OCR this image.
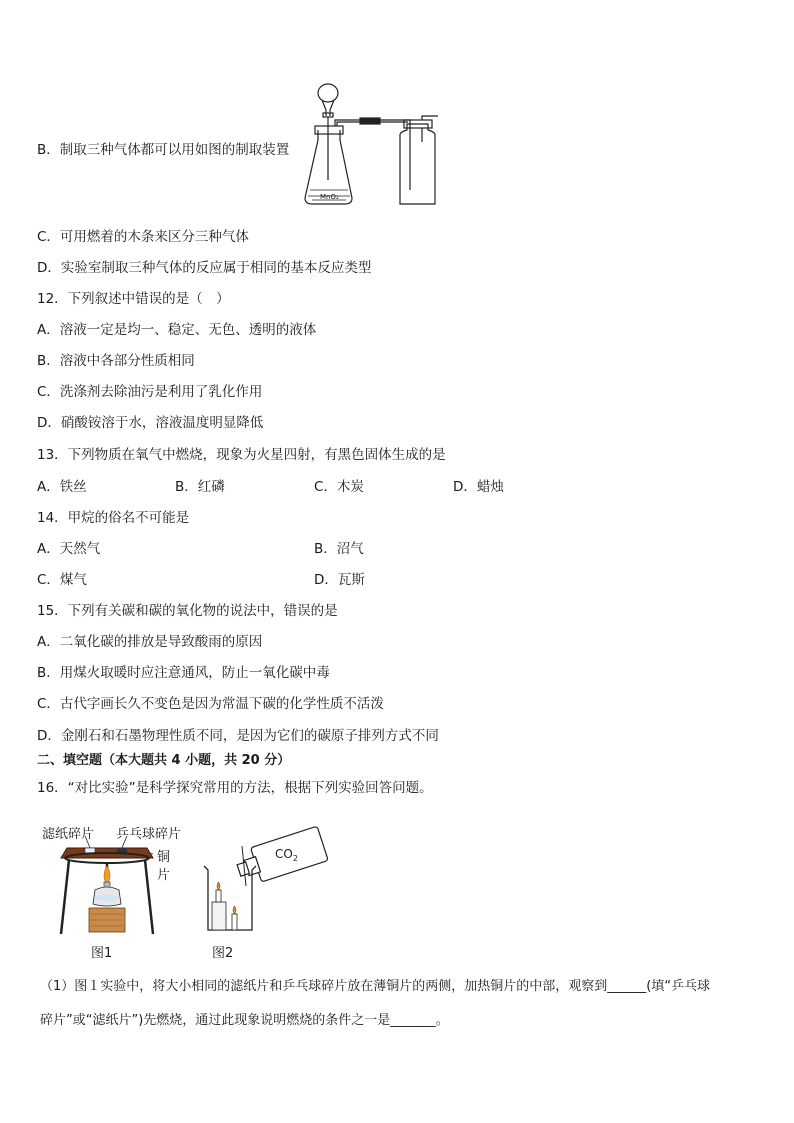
B．制取三种气体都可以用如图的制取装置
MnO₂
C．可用燃着的木条来区分三种气体
D．实验室制取三种气体的反应属于相同的基本反应类型
12．下列叙述中错误的是（　）
A．溶液一定是均一、稳定、无色、透明的液体
B．溶液中各部分性质相同
C．洗涤剂去除油污是利用了乳化作用
D．硝酸铵溶于水，溶液温度明显降低
13．下列物质在氧气中燃烧，现象为火星四射，有黑色固体生成的是
A．铁丝	B．红磷	C．木炭	D．蜡烛
14．甲烷的俗名不可能是
A．天然气	B．沼气
C．煤气	D．瓦斯
15．下列有关碳和碳的氧化物的说法中，错误的是
A．二氧化碳的排放是导致酸雨的原因
B．用煤火取暖时应注意通风，防止一氧化碳中毒
C．古代字画长久不变色是因为常温下碳的化学性质不活泼
D．金刚石和石墨物理性质不同，是因为它们的碳原子排列方式不同
二、填空题（本大题共 4 小题，共 20 分）
16．“对比实验”是科学探究常用的方法，根据下列实验回答问题。
滤纸碎片 乒乓球碎片
铜
片
图1
$CO_2$
图2
（1）图１实验中，将大小相同的滤纸片和乒乓球碎片放在薄铜片的两侧，加热铜片的中部，观察到______(填“乒乓球
碎片”或“滤纸片”)先燃烧，通过此现象说明燃烧的条件之一是_______。
